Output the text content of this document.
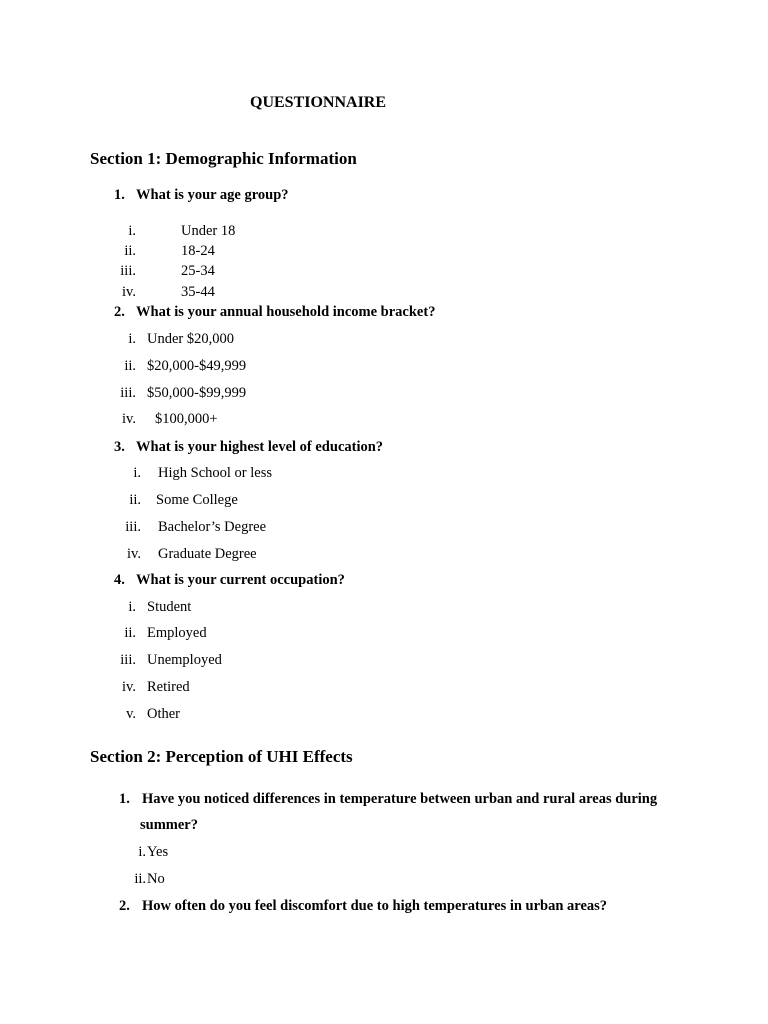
QUESTIONNAIRE
Section 1: Demographic Information
1. What is your age group?
i.	Under 18
ii.	18-24
iii.	25-34
iv.	35-44
2. What is your annual household income bracket?
i. Under $20,000
ii. $20,000-$49,999
iii. $50,000-$99,999
iv. $100,000+
3. What is your highest level of education?
i. High School or less
ii. Some College
iii. Bachelor’s Degree
iv. Graduate Degree
4. What is your current occupation?
i. Student
ii. Employed
iii. Unemployed
iv. Retired
v. Other
Section 2: Perception of UHI Effects
1. Have you noticed differences in temperature between urban and rural areas during
summer?
i. Yes
ii. No
2. How often do you feel discomfort due to high temperatures in urban areas?
